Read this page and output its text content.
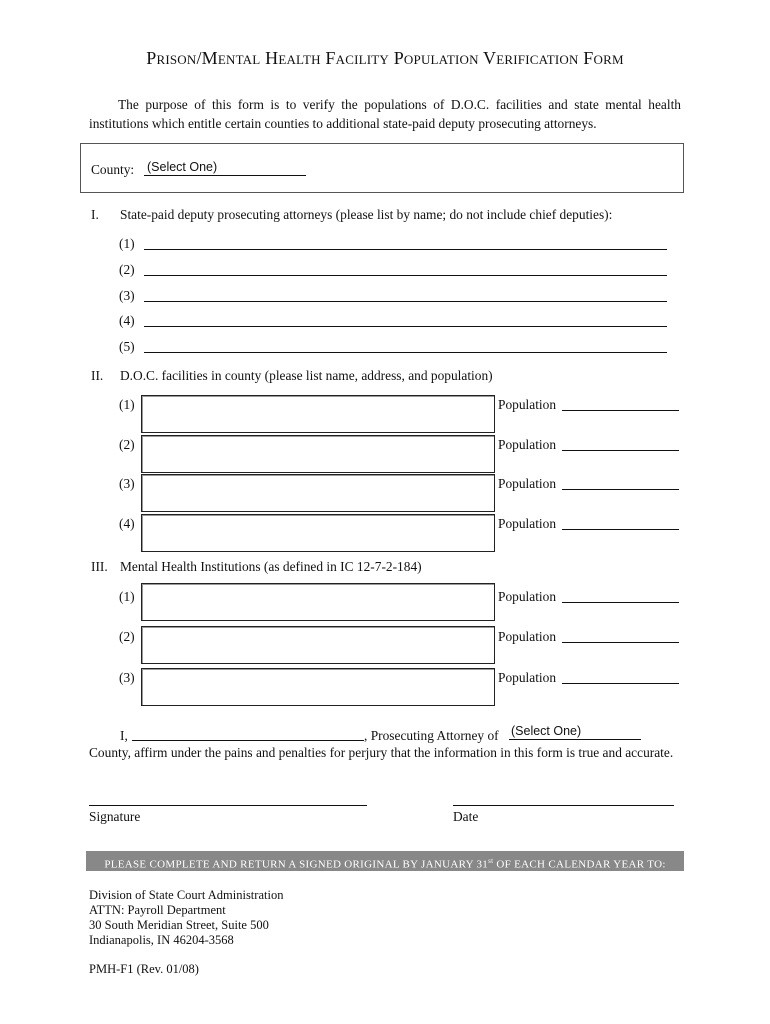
Prison/Mental Health Facility Population Verification Form
The purpose of this form is to verify the populations of D.O.C. facilities and state mental health institutions which entitle certain counties to additional state-paid deputy prosecuting attorneys.
County: (Select One)
I. State-paid deputy prosecuting attorneys (please list by name; do not include chief deputies):
(1)
(2)
(3)
(4)
(5)
II. D.O.C. facilities in county (please list name, address, and population)
(1)	Population
(2)	Population
(3)	Population
(4)	Population
III. Mental Health Institutions (as defined in IC 12-7-2-184)
(1)	Population
(2)	Population
(3)	Population
I,	, Prosecuting Attorney of (Select One)
County, affirm under the pains and penalties for perjury that the information in this form is true and accurate.
Signature	Date
PLEASE COMPLETE AND RETURN A SIGNED ORIGINAL BY JANUARY 31st OF EACH CALENDAR YEAR TO:
Division of State Court Administration
ATTN: Payroll Department
30 South Meridian Street, Suite 500
Indianapolis, IN 46204-3568
PMH-F1 (Rev. 01/08)
